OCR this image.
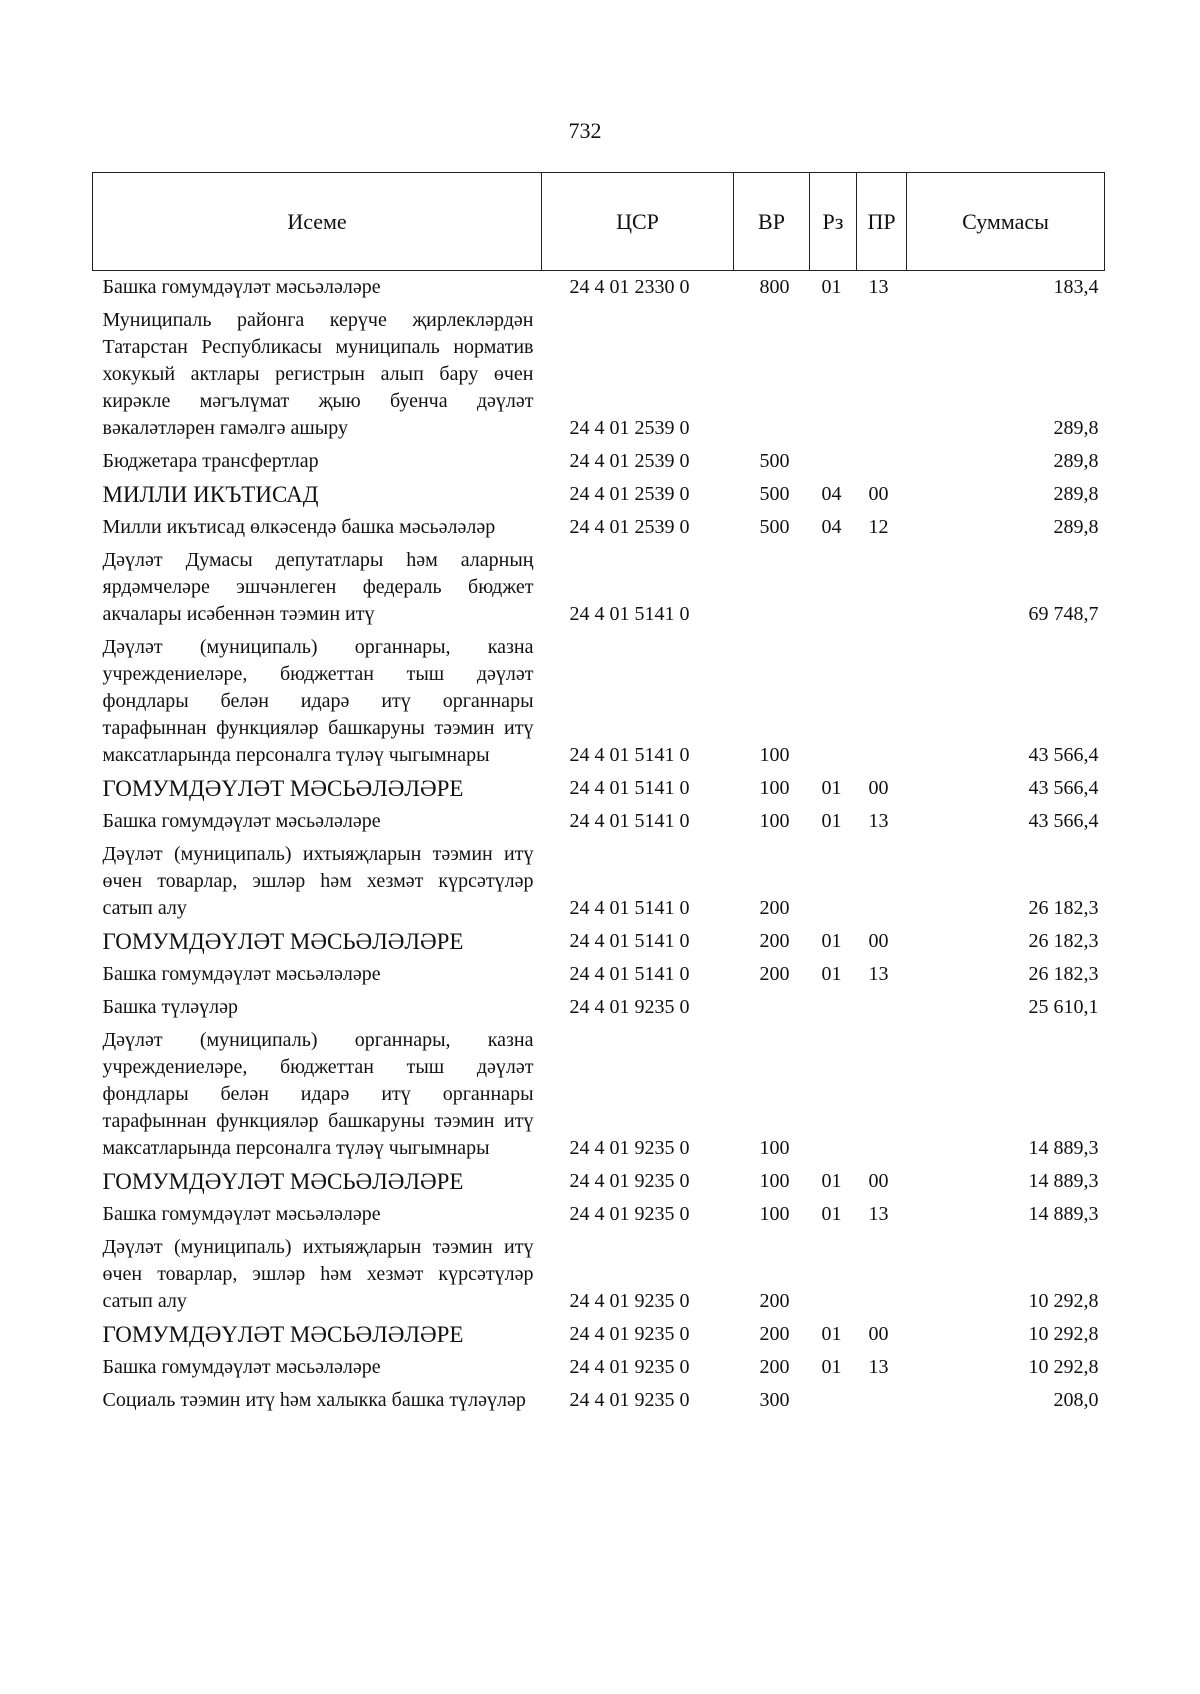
732
Исеме	ЦСР	ВР	Рз	ПР	Суммасы
Башка гомумдәүләт мәсьәләләре	24 4 01 2330 0	800	01	13	183,4
Муниципаль районга керүче җирлекләрдән Татарстан Республикасы муниципаль норматив хокукый актлары регистрын алып бару өчен кирәкле мәгълүмат җыю буенча дәүләт вәкаләтләрен гамәлгә ашыру	24 4 01 2539 0				289,8
Бюджетара трансфертлар	24 4 01 2539 0	500			289,8
МИЛЛИ ИКЪТИСАД	24 4 01 2539 0	500	04	00	289,8
Милли икътисад өлкәсендә башка мәсьәләләр	24 4 01 2539 0	500	04	12	289,8
Дәүләт Думасы депутатлары һәм аларның ярдәмчеләре эшчәнлеген федераль бюджет акчалары исәбеннән тәэмин итү	24 4 01 5141 0				69 748,7
Дәүләт (муниципаль) органнары, казна учреждениеләре, бюджеттан тыш дәүләт фондлары белән идарә итү органнары тарафыннан функцияләр башкаруны тәэмин итү максатларында персоналга түләү чыгымнары	24 4 01 5141 0	100			43 566,4
ГОМУМДӘҮЛӘТ МӘСЬӘЛӘЛӘРЕ	24 4 01 5141 0	100	01	00	43 566,4
Башка гомумдәүләт мәсьәләләре	24 4 01 5141 0	100	01	13	43 566,4
Дәүләт (муниципаль) ихтыяҗларын тәэмин итү өчен товарлар, эшләр һәм хезмәт күрсәтүләр сатып алу	24 4 01 5141 0	200			26 182,3
ГОМУМДӘҮЛӘТ МӘСЬӘЛӘЛӘРЕ	24 4 01 5141 0	200	01	00	26 182,3
Башка гомумдәүләт мәсьәләләре	24 4 01 5141 0	200	01	13	26 182,3
Башка түләүләр	24 4 01 9235 0				25 610,1
Дәүләт (муниципаль) органнары, казна учреждениеләре, бюджеттан тыш дәүләт фондлары белән идарә итү органнары тарафыннан функцияләр башкаруны тәэмин итү максатларында персоналга түләү чыгымнары	24 4 01 9235 0	100			14 889,3
ГОМУМДӘҮЛӘТ МӘСЬӘЛӘЛӘРЕ	24 4 01 9235 0	100	01	00	14 889,3
Башка гомумдәүләт мәсьәләләре	24 4 01 9235 0	100	01	13	14 889,3
Дәүләт (муниципаль) ихтыяҗларын тәэмин итү өчен товарлар, эшләр һәм хезмәт күрсәтүләр сатып алу	24 4 01 9235 0	200			10 292,8
ГОМУМДӘҮЛӘТ МӘСЬӘЛӘЛӘРЕ	24 4 01 9235 0	200	01	00	10 292,8
Башка гомумдәүләт мәсьәләләре	24 4 01 9235 0	200	01	13	10 292,8
Социаль тәэмин итү һәм халыкка башка түләүләр	24 4 01 9235 0	300			208,0
